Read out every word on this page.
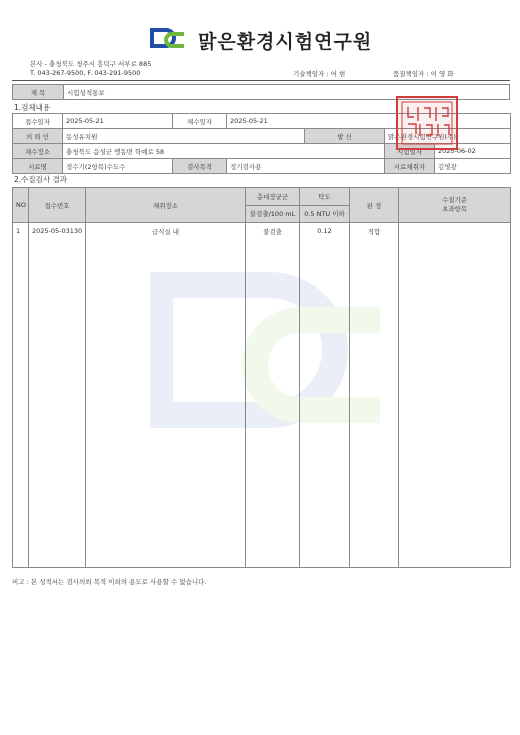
맑은환경시험연구원
본사 - 충청북도 청주시 흥덕구 서부로 885
T. 043-267-9500, F. 043-291-9500	기술책임자 : 어 현	품질책임자 : 이 영 화
제 목	시험성적통보
1.검체내용
접수일자	2025-05-21	채수일자	2025-05-21			
의 뢰 인	동성유치원			발 신	맑은환경시험연구원(주)	
채수장소	충청북도 음성군 맹동면 학예로 58				시험일자	2025-06-02
시료명	정수기(2항목)수도수	검사목적	정기검사용		시료채취자	김영광
2.수질검사 결과
NO	접수번호	채취장소	총대장균군	탁도	판 정	수질기준
초과항목
			불검출/100 mL	0.5 NTU 이하		
1	2025-05-03130	급식실 내	불검출	0.12	적합	
비고 : 본 성적서는 검사의뢰 목적 이외의 용도로 사용할 수 없습니다.
